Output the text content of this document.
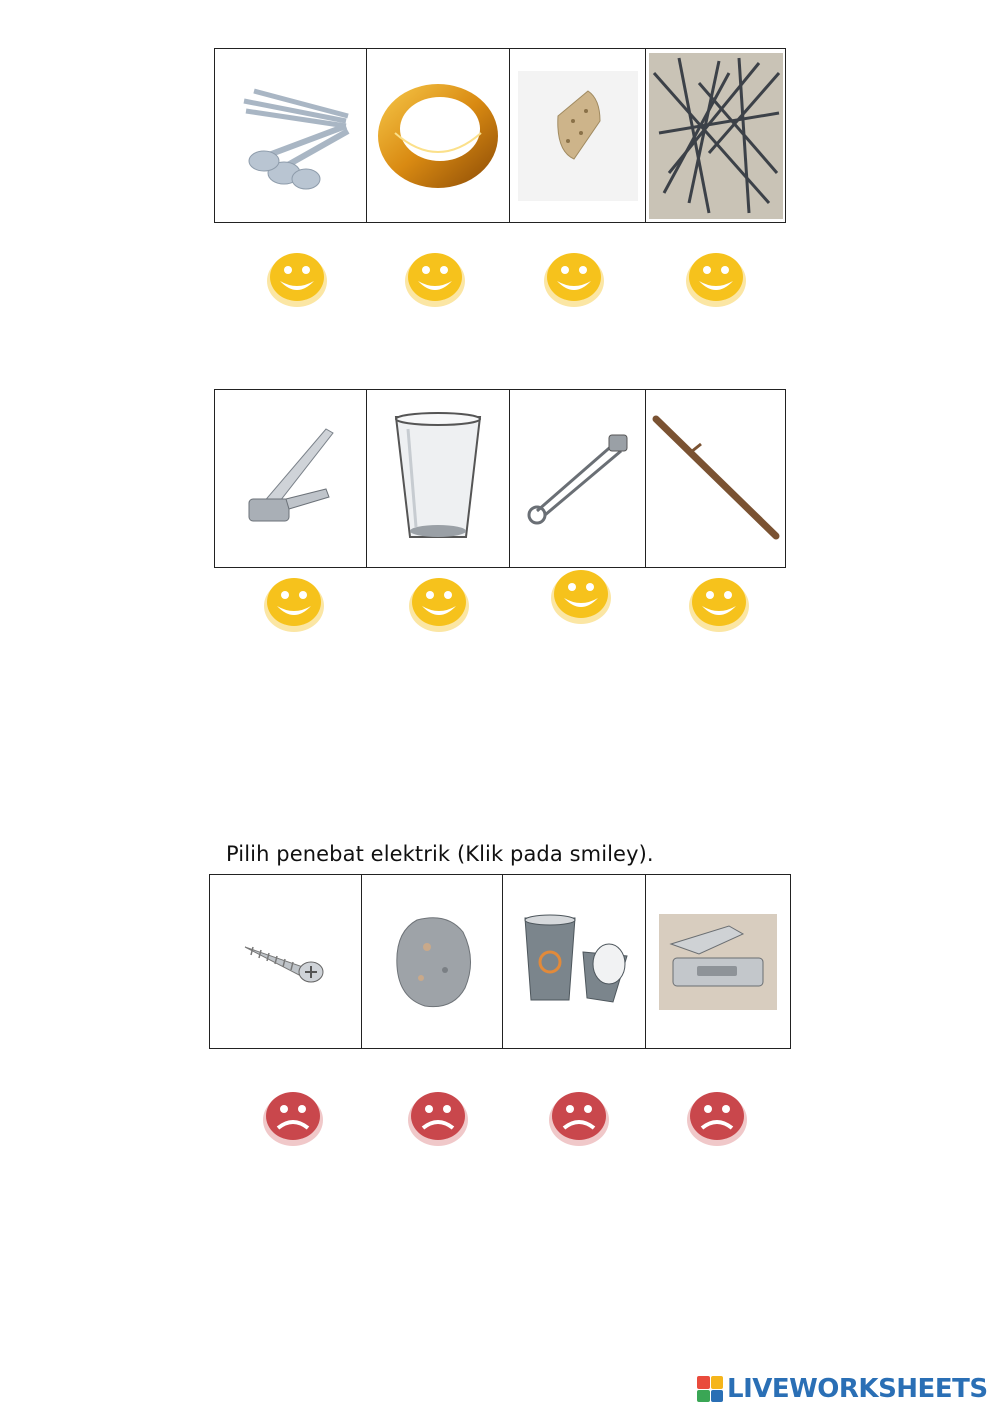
Pilih penebat elektrik (Klik pada smiley).
LIVEWORKSHEETS
